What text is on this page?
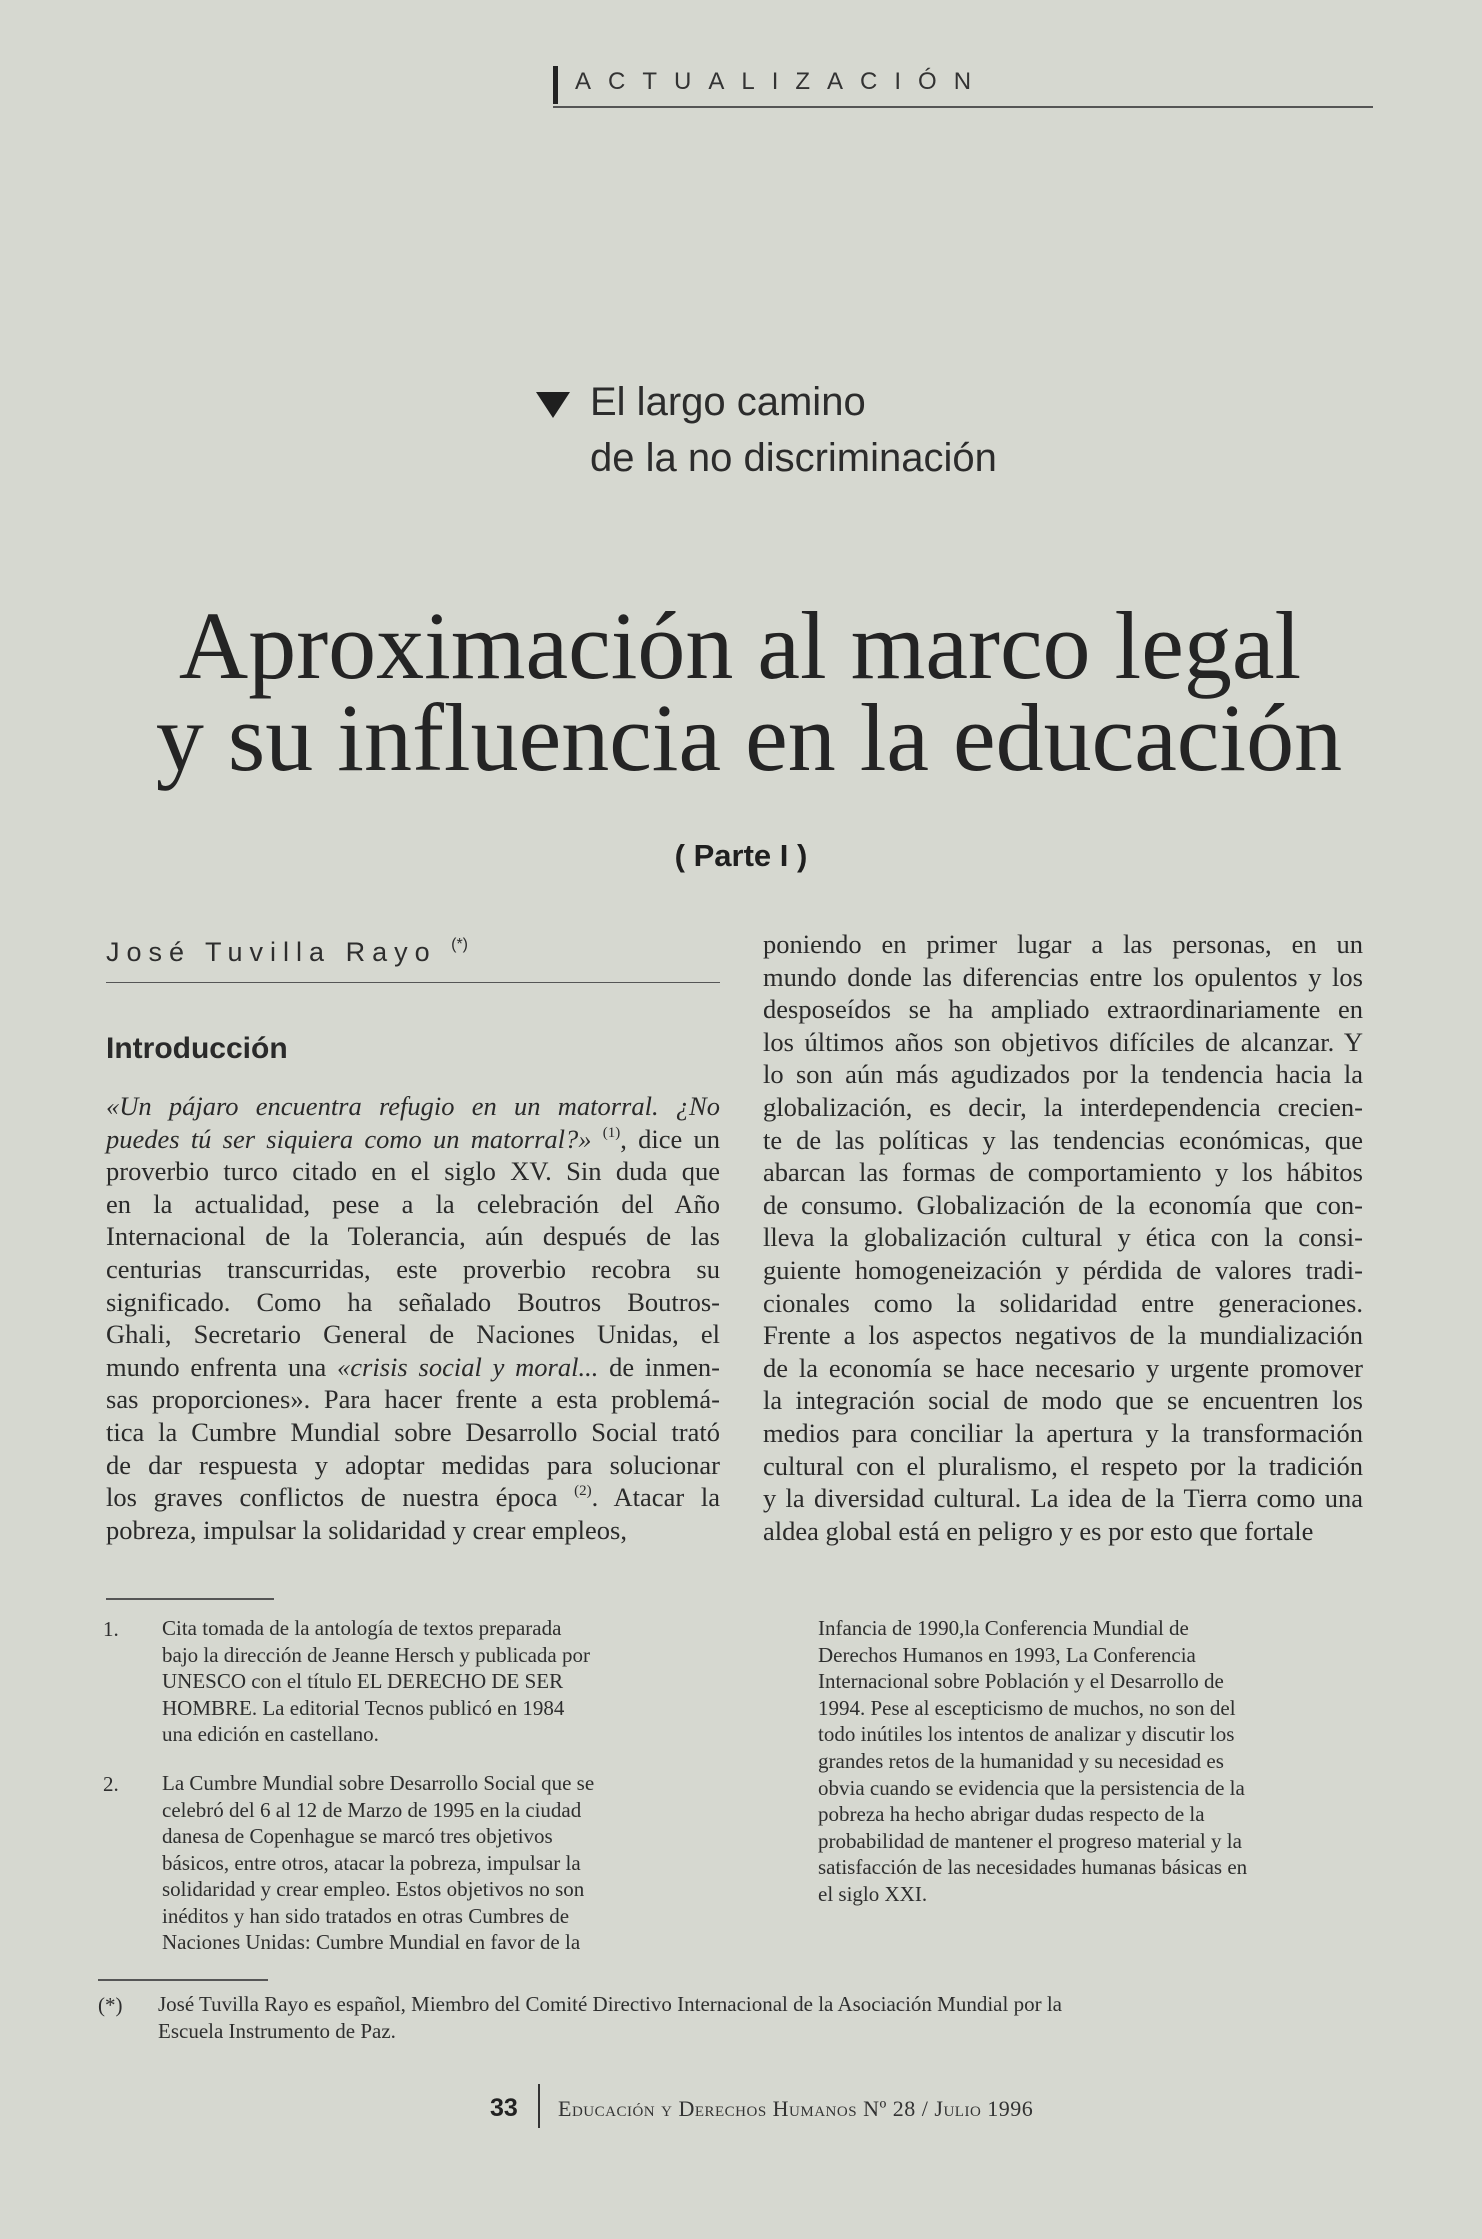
ACTUALIZACIÓN
El largo camino
de la no discriminación
Aproximación al marco legal
y su influencia en la educación
( Parte I )
José Tuvilla Rayo (*)
Introducción
«Un pájaro encuentra refugio en un matorral. ¿No
puedes tú ser siquiera como un matorral?» $^{(1)}$, dice un
proverbio turco citado en el siglo XV. Sin duda que
en la actualidad, pese a la celebración del Año
Internacional de la Tolerancia, aún después de las
centurias transcurridas, este proverbio recobra su
significado. Como ha señalado Boutros Boutros-
Ghali, Secretario General de Naciones Unidas, el
mundo enfrenta una «crisis social y moral... de inmen-
sas proporciones». Para hacer frente a esta problemá-
tica la Cumbre Mundial sobre Desarrollo Social trató
de dar respuesta y adoptar medidas para solucionar
los graves conflictos de nuestra época $^{(2)}$. Atacar la
pobreza, impulsar la solidaridad y crear empleos,
poniendo en primer lugar a las personas, en un
mundo donde las diferencias entre los opulentos y los
desposeídos se ha ampliado extraordinariamente en
los últimos años son objetivos difíciles de alcanzar. Y
lo son aún más agudizados por la tendencia hacia la
globalización, es decir, la interdependencia crecien-
te de las políticas y las tendencias económicas, que
abarcan las formas de comportamiento y los hábitos
de consumo. Globalización de la economía que con-
lleva la globalización cultural y ética con la consi-
guiente homogeneización y pérdida de valores tradi-
cionales como la solidaridad entre generaciones.
Frente a los aspectos negativos de la mundialización
de la economía se hace necesario y urgente promover
la integración social de modo que se encuentren los
medios para conciliar la apertura y la transformación
cultural con el pluralismo, el respeto por la tradición
y la diversidad cultural. La idea de la Tierra como una
aldea global está en peligro y es por esto que fortale
1. Cita tomada de la antología de textos preparada
bajo la dirección de Jeanne Hersch y publicada por
UNESCO con el título EL DERECHO DE SER
HOMBRE. La editorial Tecnos publicó en 1984
una edición en castellano.
2. La Cumbre Mundial sobre Desarrollo Social que se
celebró del 6 al 12 de Marzo de 1995 en la ciudad
danesa de Copenhague se marcó tres objetivos
básicos, entre otros, atacar la pobreza, impulsar la
solidaridad y crear empleo. Estos objetivos no son
inéditos y han sido tratados en otras Cumbres de
Naciones Unidas: Cumbre Mundial en favor de la
Infancia de 1990,la Conferencia Mundial de
Derechos Humanos en 1993, La Conferencia
Internacional sobre Población y el Desarrollo de
1994. Pese al escepticismo de muchos, no son del
todo inútiles los intentos de analizar y discutir los
grandes retos de la humanidad y su necesidad es
obvia cuando se evidencia que la persistencia de la
pobreza ha hecho abrigar dudas respecto de la
probabilidad de mantener el progreso material y la
satisfacción de las necesidades humanas básicas en
el siglo XXI.
(*) José Tuvilla Rayo es español, Miembro del Comité Directivo Internacional de la Asociación Mundial por la
Escuela Instrumento de Paz.
33 Educación y Derechos Humanos Nº 28 / Julio 1996
